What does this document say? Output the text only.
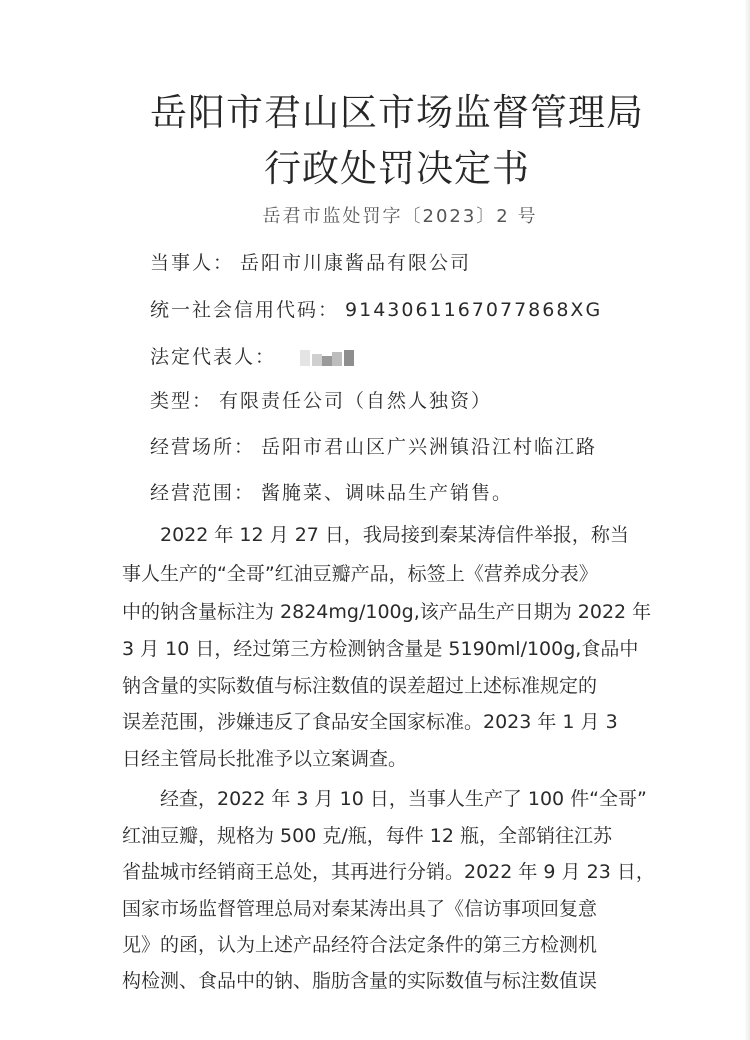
岳阳市君山区市场监督管理局
行政处罚决定书
岳君市监处罚字〔2023〕2 号
当事人： 岳阳市川康酱品有限公司
统一社会信用代码： 914306116707786​8XG
法定代表人：
类型： 有限责任公司（自然人独资）
经营场所： 岳阳市君山区广兴洲镇沿江村临江路
经营范围： 酱腌菜、调味品生产销售。
2022 年 12 月 27 日，我局接到秦某涛信件举报，称当
事人生产的“全哥”红油豆瓣产品，标签上《营养成分表》
中的钠含量标注为 2824mg/100g,该产品生产日期为 2022 年
3 月 10 日，经过第三方检测钠含量是 5190ml/100g,食品中
钠含量的实际数值与标注数值的误差超过上述标准规定的
误差范围，涉嫌违反了食品安全国家标准。2023 年 1 月 3
日经主管局长批准予以立案调查。
经查，2022 年 3 月 10 日，当事人生产了 100 件“全哥”
红油豆瓣，规格为 500 克/瓶，每件 12 瓶，全部销往江苏
省盐城市经销商王总处，其再进行分销。2022 年 9 月 23 日，
国家市场监督管理总局对秦某涛出具了《信访事项回复意
见》的函，认为上述产品经符合法定条件的第三方检测机
构检测、食品中的钠、脂肪含量的实际数值与标注数值误
